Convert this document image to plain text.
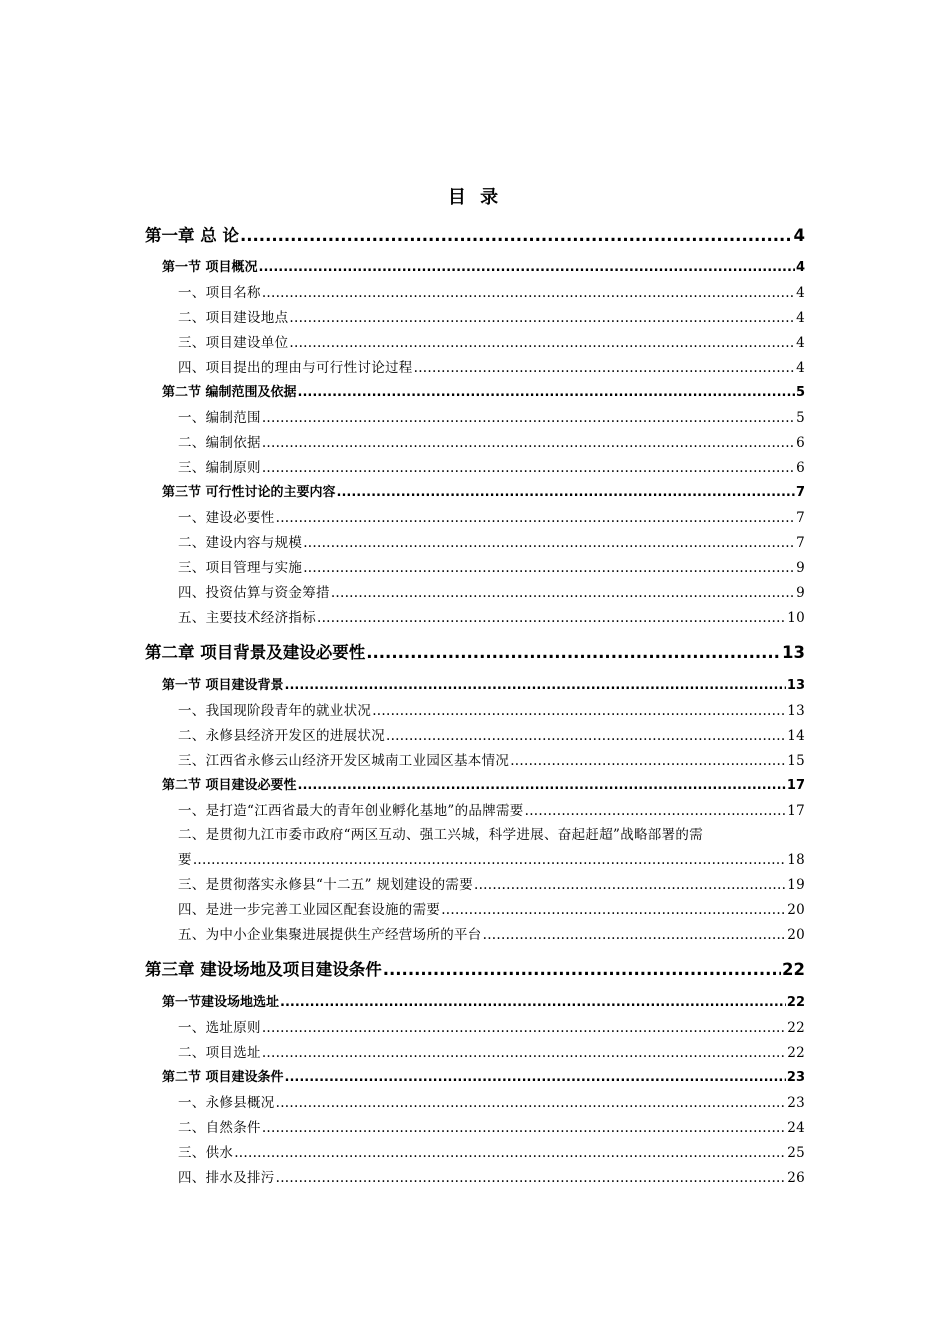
目 录
第一章 总 论 .....	4
第一节 项目概况 .....	4
一、项目名称 .....	4
二、项目建设地点 .....	4
三、项目建设单位 .....	4
四、项目提出的理由与可行性讨论过程 .....	4
第二节 编制范围及依据 .....	5
一、编制范围 .....	5
二、编制依据 .....	6
三、编制原则 .....	6
第三节 可行性讨论的主要内容 .....	7
一、建设必要性 .....	7
二、建设内容与规模 .....	7
三、项目管理与实施 .....	9
四、投资估算与资金筹措 .....	9
五、主要技术经济指标 .....	10
第二章 项目背景及建设必要性 .....	13
第一节 项目建设背景 .....	13
一、我国现阶段青年的就业状况 .....	13
二、永修县经济开发区的进展状况 .....	14
三、江西省永修云山经济开发区城南工业园区基本情况 .....	15
第二节 项目建设必要性 .....	17
一、是打造“江西省最大的青年创业孵化基地”的品牌需要 .....	17
二、是贯彻九江市委市政府“两区互动、强工兴城，科学进展、奋起赶超”战略部署的需
要 .....	18
三、是贯彻落实永修县“十二五” 规划建设的需要 .....	19
四、是进一步完善工业园区配套设施的需要 .....	20
五、为中小企业集聚进展提供生产经营场所的平台 .....	20
第三章 建设场地及项目建设条件 .....	22
第一节建设场地选址 .....	22
一、选址原则 .....	22
二、项目选址 .....	22
第二节 项目建设条件 .....	23
一、永修县概况 .....	23
二、自然条件 .....	24
三、供水 .....	25
四、排水及排污 .....	26
